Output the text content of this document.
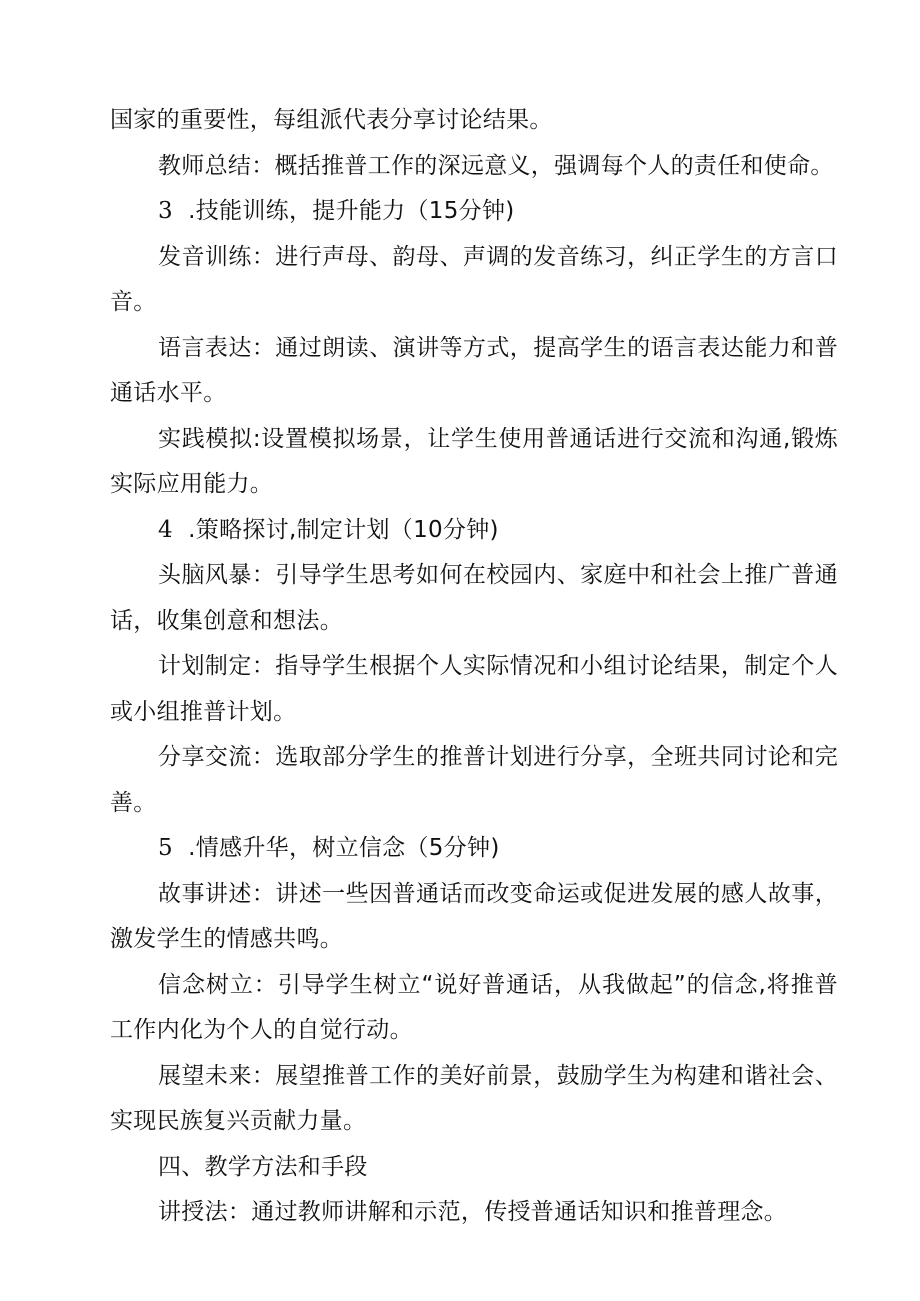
国家的重要性，每组派代表分享讨论结果。

教师总结：概括推普工作的深远意义，强调每个人的责任和使命。

3 .技能训练，提升能力（15分钟)

发音训练：进行声母、韵母、声调的发音练习，纠正学生的方言口音。

语言表达：通过朗读、演讲等方式，提高学生的语言表达能力和普通话水平。

实践模拟:设置模拟场景，让学生使用普通话进行交流和沟通,锻炼实际应用能力。

4 .策略探讨,制定计划（10分钟)

头脑风暴：引导学生思考如何在校园内、家庭中和社会上推广普通话，收集创意和想法。

计划制定：指导学生根据个人实际情况和小组讨论结果，制定个人或小组推普计划。

分享交流：选取部分学生的推普计划进行分享，全班共同讨论和完善。

5 .情感升华，树立信念（5分钟)

故事讲述：讲述一些因普通话而改变命运或促进发展的感人故事，激发学生的情感共鸣。

信念树立：引导学生树立“说好普通话，从我做起”的信念,将推普工作内化为个人的自觉行动。

展望未来：展望推普工作的美好前景，鼓励学生为构建和谐社会、实现民族复兴贡献力量。

四、教学方法和手段

讲授法：通过教师讲解和示范，传授普通话知识和推普理念。
